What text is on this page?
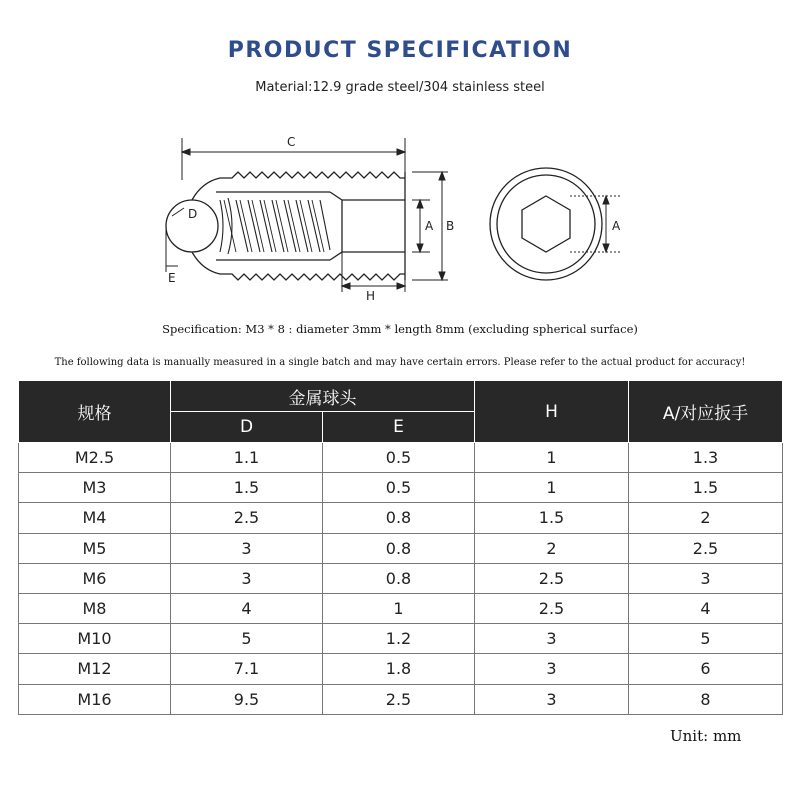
PRODUCT SPECIFICATION
Material:12.9 grade steel/304 stainless steel
C
D
E
A B
H
A
Specification: M3 * 8 : diameter 3mm * length 8mm (excluding spherical surface)
The following data is manually measured in a single batch and may have certain errors. Please refer to the actual product for accuracy!
规格	金属球头		H	A/对应扳手
	D	E		
M2.5	1.1	0.5	1	1.3
M3	1.5	0.5	1	1.5
M4	2.5	0.8	1.5	2
M5	3	0.8	2	2.5
M6	3	0.8	2.5	3
M8	4	1	2.5	4
M10	5	1.2	3	5
M12	7.1	1.8	3	6
M16	9.5	2.5	3	8
Unit: mm
